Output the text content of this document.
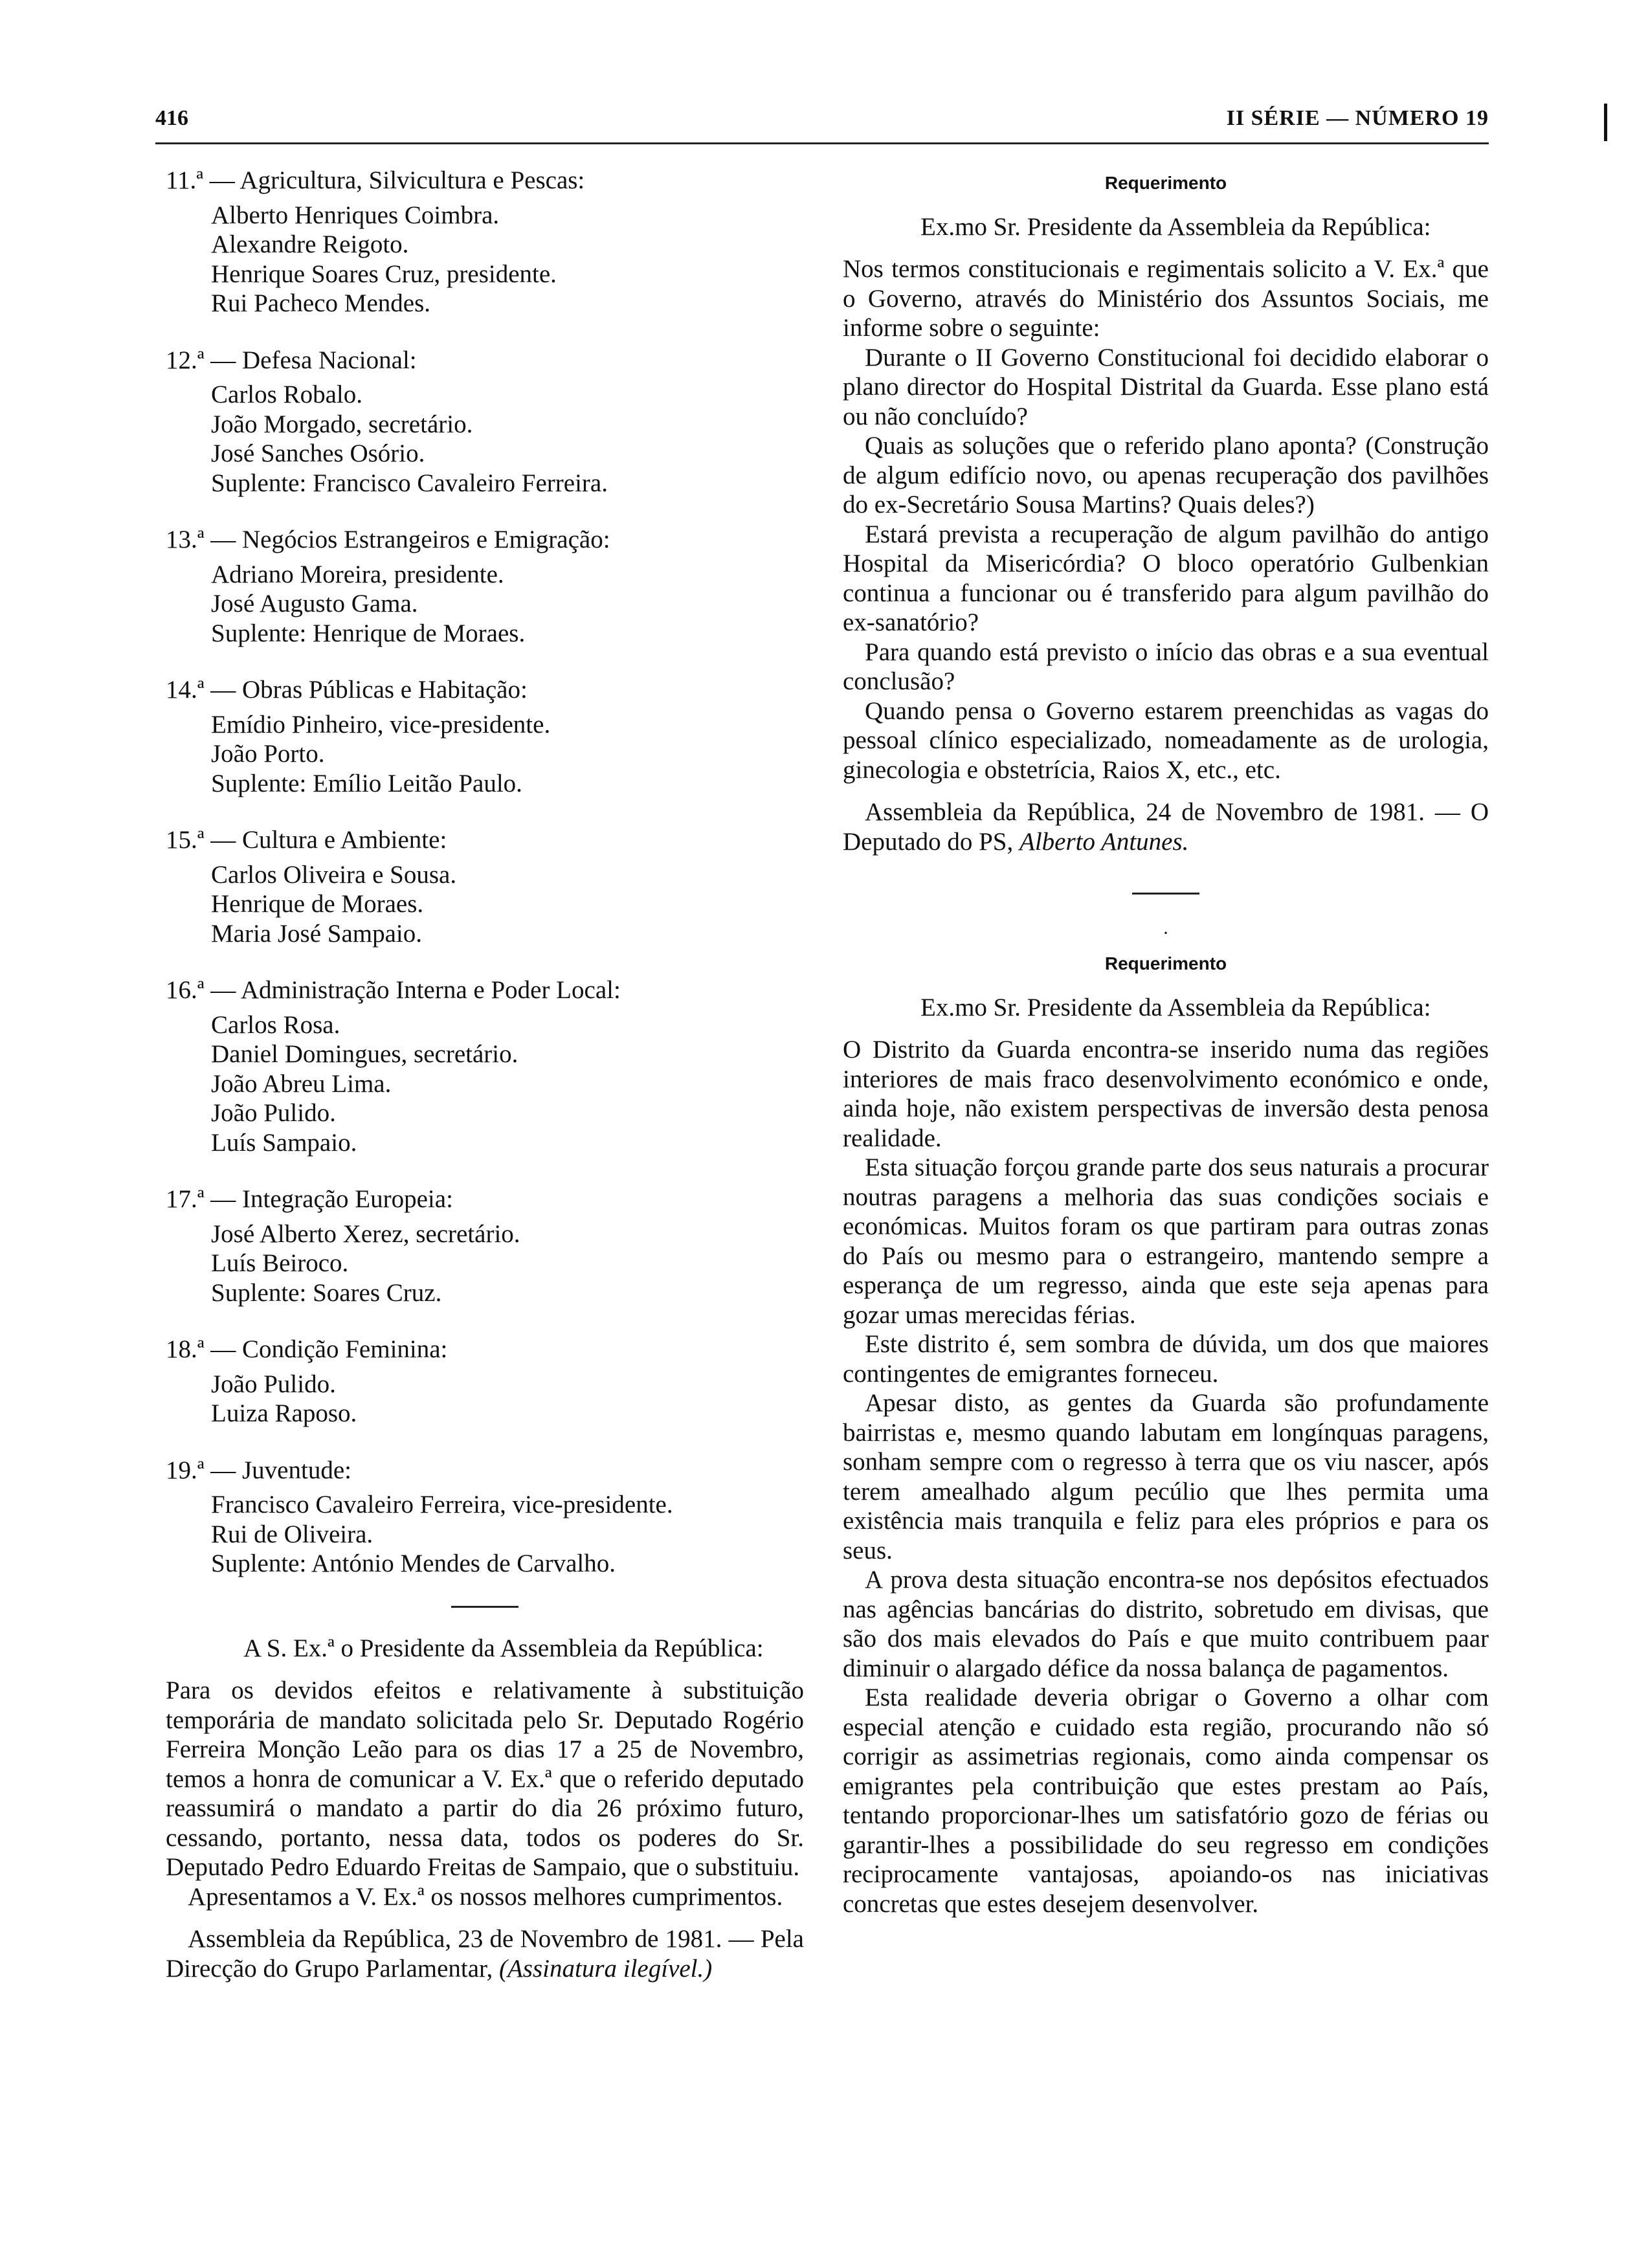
416	II SÉRIE — NÚMERO 19
11.ª — Agricultura, Silvicultura e Pescas:
Alberto Henriques Coimbra.
Alexandre Reigoto.
Henrique Soares Cruz, presidente.
Rui Pacheco Mendes.
12.ª — Defesa Nacional:
Carlos Robalo.
João Morgado, secretário.
José Sanches Osório.
Suplente: Francisco Cavaleiro Ferreira.
13.ª — Negócios Estrangeiros e Emigração:
Adriano Moreira, presidente.
José Augusto Gama.
Suplente: Henrique de Moraes.
14.ª — Obras Públicas e Habitação:
Emídio Pinheiro, vice-presidente.
João Porto.
Suplente: Emílio Leitão Paulo.
15.ª — Cultura e Ambiente:
Carlos Oliveira e Sousa.
Henrique de Moraes.
Maria José Sampaio.
16.ª — Administração Interna e Poder Local:
Carlos Rosa.
Daniel Domingues, secretário.
João Abreu Lima.
João Pulido.
Luís Sampaio.
17.ª — Integração Europeia:
José Alberto Xerez, secretário.
Luís Beiroco.
Suplente: Soares Cruz.
18.ª — Condição Feminina:
João Pulido.
Luiza Raposo.
19.ª — Juventude:
Francisco Cavaleiro Ferreira, vice-presidente.
Rui de Oliveira.
Suplente: António Mendes de Carvalho.
A S. Ex.ª o Presidente da Assembleia da República:

Para os devidos efeitos e relativamente à substituição temporária de mandato solicitada pelo Sr. Deputado Rogério Ferreira Monção Leão para os dias 17 a 25 de Novembro, temos a honra de comunicar a V. Ex.ª que o referido deputado reassumirá o mandato a partir do dia 26 próximo futuro, cessando, portanto, nessa data, todos os poderes do Sr. Deputado Pedro Eduardo Freitas de Sampaio, que o substituiu.

Apresentamos a V. Ex.ª os nossos melhores cumprimentos.

Assembleia da República, 23 de Novembro de 1981. — Pela Direcção do Grupo Parlamentar, (Assinatura ilegível.)
Requerimento
Ex.mo Sr. Presidente da Assembleia da República:

Nos termos constitucionais e regimentais solicito a V. Ex.ª que o Governo, através do Ministério dos Assuntos Sociais, me informe sobre o seguinte:

Durante o II Governo Constitucional foi decidido elaborar o plano director do Hospital Distrital da Guarda. Esse plano está ou não concluído?

Quais as soluções que o referido plano aponta? (Construção de algum edifício novo, ou apenas recuperação dos pavilhões do ex-Secretário Sousa Martins? Quais deles?)

Estará prevista a recuperação de algum pavilhão do antigo Hospital da Misericórdia? O bloco operatório Gulbenkian continua a funcionar ou é transferido para algum pavilhão do ex-sanatório?

Para quando está previsto o início das obras e a sua eventual conclusão?

Quando pensa o Governo estarem preenchidas as vagas do pessoal clínico especializado, nomeadamente as de urologia, ginecologia e obstetrícia, Raios X, etc., etc.

Assembleia da República, 24 de Novembro de 1981. — O Deputado do PS, Alberto Antunes.
·
Requerimento
Ex.mo Sr. Presidente da Assembleia da República:

O Distrito da Guarda encontra-se inserido numa das regiões interiores de mais fraco desenvolvimento económico e onde, ainda hoje, não existem perspectivas de inversão desta penosa realidade.

Esta situação forçou grande parte dos seus naturais a procurar noutras paragens a melhoria das suas condições sociais e económicas. Muitos foram os que partiram para outras zonas do País ou mesmo para o estrangeiro, mantendo sempre a esperança de um regresso, ainda que este seja apenas para gozar umas merecidas férias.

Este distrito é, sem sombra de dúvida, um dos que maiores contingentes de emigrantes forneceu.

Apesar disto, as gentes da Guarda são profundamente bairristas e, mesmo quando labutam em longínquas paragens, sonham sempre com o regresso à terra que os viu nascer, após terem amealhado algum pecúlio que lhes permita uma existência mais tranquila e feliz para eles próprios e para os seus.

A prova desta situação encontra-se nos depósitos efectuados nas agências bancárias do distrito, sobretudo em divisas, que são dos mais elevados do País e que muito contribuem paar diminuir o alargado défice da nossa balança de pagamentos.

Esta realidade deveria obrigar o Governo a olhar com especial atenção e cuidado esta região, procurando não só corrigir as assimetrias regionais, como ainda compensar os emigrantes pela contribuição que estes prestam ao País, tentando proporcionar-lhes um satisfatório gozo de férias ou garantir-lhes a possibilidade do seu regresso em condições reciprocamente vantajosas, apoiando-os nas iniciativas concretas que estes desejem desenvolver.
